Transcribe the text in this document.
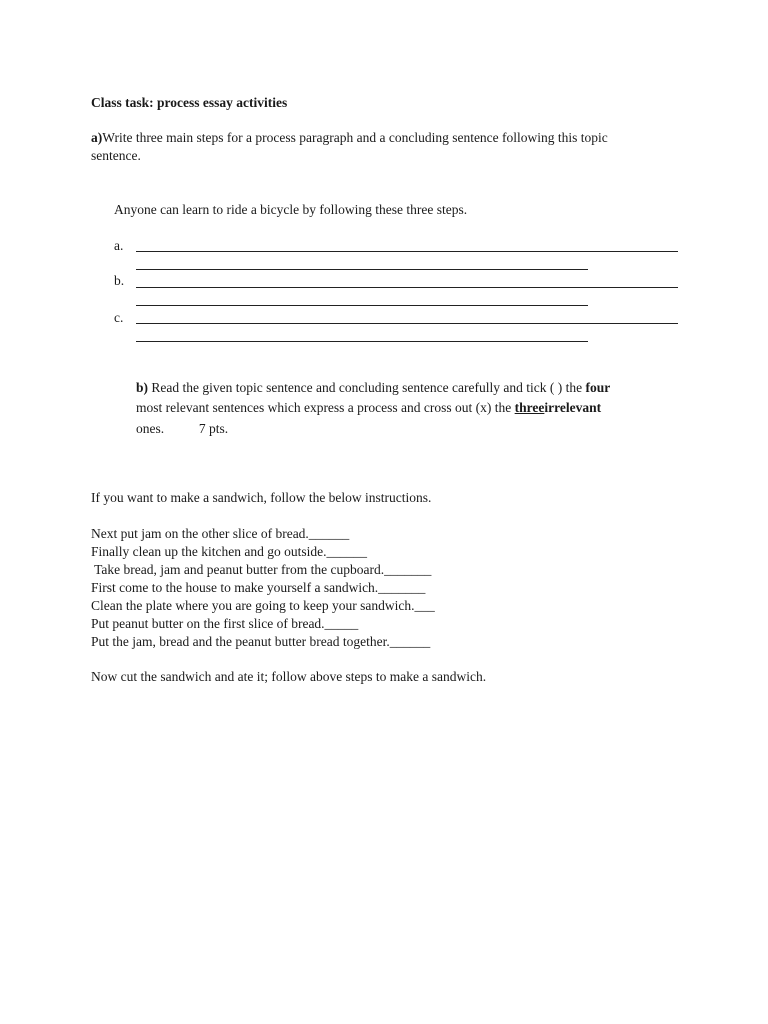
Class task: process essay activities
a)Write three main steps for a process paragraph and a concluding sentence following this topic
sentence.
Anyone can learn to ride a bicycle by following these three steps.
a.
b.
c.
b) Read the given topic sentence and concluding sentence carefully and tick ( ) the four
most relevant sentences which express a process and cross out (x) the threeirrelevant
ones.	7 pts.
If you want to make a sandwich, follow the below instructions.
Next put jam on the other slice of bread.______
Finally clean up the kitchen and go outside.______
Take bread, jam and peanut butter from the cupboard._______
First come to the house to make yourself a sandwich._______
Clean the plate where you are going to keep your sandwich.___
Put peanut butter on the first slice of bread._____
Put the jam, bread and the peanut butter bread together.______
Now cut the sandwich and ate it; follow above steps to make a sandwich.
